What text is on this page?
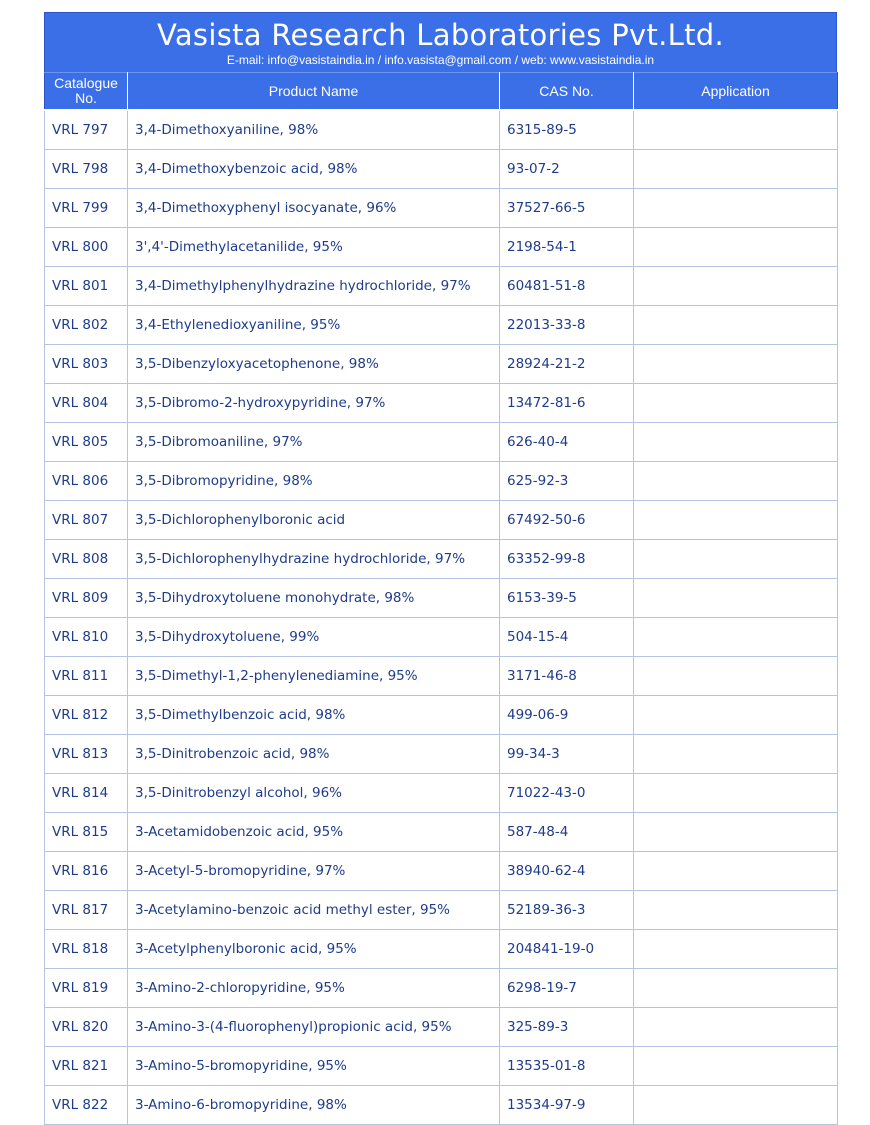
Vasista Research Laboratories Pvt.Ltd.
E-mail: info@vasistaindia.in / info.vasista@gmail.com / web: www.vasistaindia.in
Catalogue No.	Product Name	CAS No.	Application
VRL 797	3,4-Dimethoxyaniline, 98%	6315-89-5	
VRL 798	3,4-Dimethoxybenzoic acid, 98%	93-07-2	
VRL 799	3,4-Dimethoxyphenyl isocyanate, 96%	37527-66-5	
VRL 800	3',4'-Dimethylacetanilide, 95%	2198-54-1	
VRL 801	3,4-Dimethylphenylhydrazine hydrochloride, 97%	60481-51-8	
VRL 802	3,4-Ethylenedioxyaniline, 95%	22013-33-8	
VRL 803	3,5-Dibenzyloxyacetophenone, 98%	28924-21-2	
VRL 804	3,5-Dibromo-2-hydroxypyridine, 97%	13472-81-6	
VRL 805	3,5-Dibromoaniline, 97%	626-40-4	
VRL 806	3,5-Dibromopyridine, 98%	625-92-3	
VRL 807	3,5-Dichlorophenylboronic acid	67492-50-6	
VRL 808	3,5-Dichlorophenylhydrazine hydrochloride, 97%	63352-99-8	
VRL 809	3,5-Dihydroxytoluene monohydrate, 98%	6153-39-5	
VRL 810	3,5-Dihydroxytoluene, 99%	504-15-4	
VRL 811	3,5-Dimethyl-1,2-phenylenediamine, 95%	3171-46-8	
VRL 812	3,5-Dimethylbenzoic acid, 98%	499-06-9	
VRL 813	3,5-Dinitrobenzoic acid, 98%	99-34-3	
VRL 814	3,5-Dinitrobenzyl alcohol, 96%	71022-43-0	
VRL 815	3-Acetamidobenzoic acid, 95%	587-48-4	
VRL 816	3-Acetyl-5-bromopyridine, 97%	38940-62-4	
VRL 817	3-Acetylamino-benzoic acid methyl ester, 95%	52189-36-3	
VRL 818	3-Acetylphenylboronic acid, 95%	204841-19-0	
VRL 819	3-Amino-2-chloropyridine, 95%	6298-19-7	
VRL 820	3-Amino-3-(4-fluorophenyl)propionic acid, 95%	325-89-3	
VRL 821	3-Amino-5-bromopyridine, 95%	13535-01-8	
VRL 822	3-Amino-6-bromopyridine, 98%	13534-97-9	
